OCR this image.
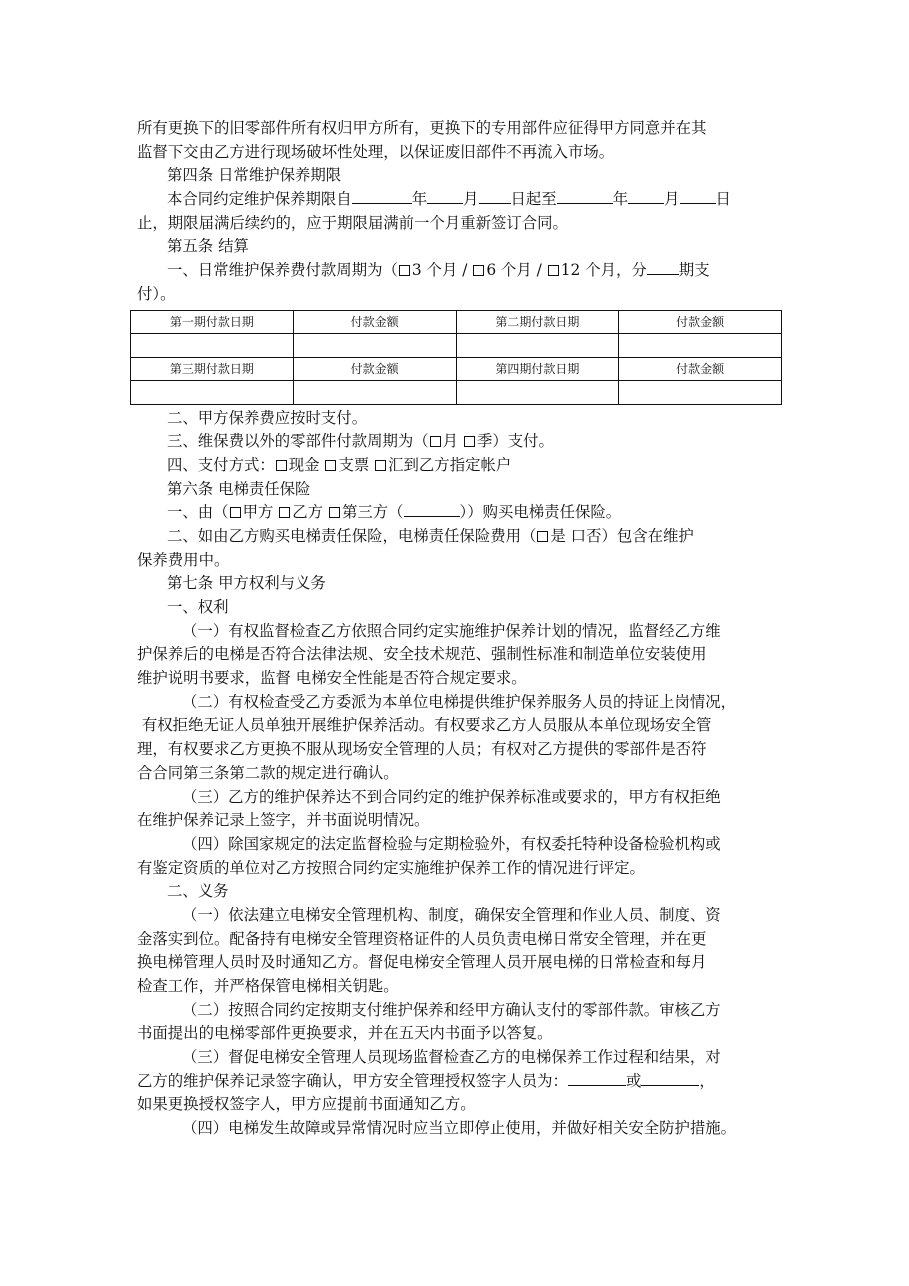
所有更换下的旧零部件所有权归甲方所有，更换下的专用部件应征得甲方同意并在其
监督下交由乙方进行现场破坏性处理，以保证废旧部件不再流入市场。
第四条 日常维护保养期限
本合同约定维护保养期限自	年 月 日起至	年 月 日
止，期限届满后续约的，应于期限届满前一个月重新签订合同。
第五条 结算
一、日常维护保养费付款周期为（ 3 个月 / 6 个月 / 12 个月，分 期支
付）。
第一期付款日期	付款金额	第二期付款日期	付款金额

第三期付款日期	付款金额	第四期付款日期	付款金额

二、甲方保养费应按时支付。
三、维保费以外的零部件付款周期为（ 月 季）支付。
四、支付方式： 现金 支票 汇到乙方指定帐户
第六条 电梯责任保险
一、由（ 甲方 乙方 第三方（	））购买电梯责任保险。
二、如由乙方购买电梯责任保险，电梯责任保险费用（ 是 口否）包含在维护
保养费用中。
第七条 甲方权利与义务
一、权利
（一）有权监督检查乙方依照合同约定实施维护保养计划的情况，监督经乙方维
护保养后的电梯是否符合法律法规、安全技术规范、强制性标准和制造单位安装使用
维护说明书要求，监督 电梯安全性能是否符合规定要求。
（二）有权检查受乙方委派为本单位电梯提供维护保养服务人员的持证上岗情况，
有权拒绝无证人员单独开展维护保养活动。有权要求乙方人员服从本单位现场安全管
理，有权要求乙方更换不服从现场安全管理的人员；有权对乙方提供的零部件是否符
合合同第三条第二款的规定进行确认。
（三）乙方的维护保养达不到合同约定的维护保养标准或要求的，甲方有权拒绝
在维护保养记录上签字，并书面说明情况。
（四）除国家规定的法定监督检验与定期检验外，有权委托特种设备检验机构或
有鉴定资质的单位对乙方按照合同约定实施维护保养工作的情况进行评定。
二、义务
（一）依法建立电梯安全管理机构、制度，确保安全管理和作业人员、制度、资
金落实到位。配备持有电梯安全管理资格证件的人员负责电梯日常安全管理，并在更
换电梯管理人员时及时通知乙方。督促电梯安全管理人员开展电梯的日常检查和每月
检查工作，并严格保管电梯相关钥匙。
（二）按照合同约定按期支付维护保养和经甲方确认支付的零部件款。审核乙方
书面提出的电梯零部件更换要求，并在五天内书面予以答复。
（三）督促电梯安全管理人员现场监督检查乙方的电梯保养工作过程和结果，对
乙方的维护保养记录签字确认，甲方安全管理授权签字人员为：	或	，
如果更换授权签字人，甲方应提前书面通知乙方。
（四）电梯发生故障或异常情况时应当立即停止使用，并做好相关安全防护措施。
